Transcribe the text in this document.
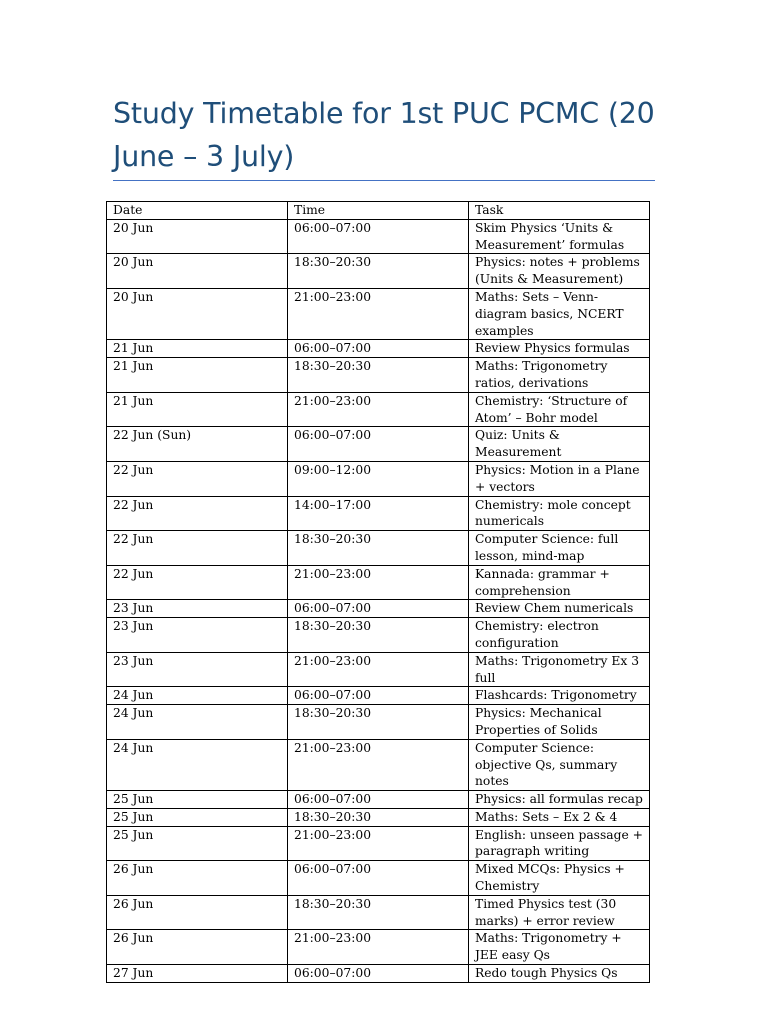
Study Timetable for 1st PUC PCMC (20 June – 3 July)
Date	Time	Task
20 Jun	06:00–07:00	Skim Physics ‘Units & Measurement’ formulas
20 Jun	18:30–20:30	Physics: notes + problems (Units & Measurement)
20 Jun	21:00–23:00	Maths: Sets – Venn-diagram basics, NCERT examples
21 Jun	06:00–07:00	Review Physics formulas
21 Jun	18:30–20:30	Maths: Trigonometry ratios, derivations
21 Jun	21:00–23:00	Chemistry: ‘Structure of Atom’ – Bohr model
22 Jun (Sun)	06:00–07:00	Quiz: Units & Measurement
22 Jun	09:00–12:00	Physics: Motion in a Plane + vectors
22 Jun	14:00–17:00	Chemistry: mole concept numericals
22 Jun	18:30–20:30	Computer Science: full lesson, mind-map
22 Jun	21:00–23:00	Kannada: grammar + comprehension
23 Jun	06:00–07:00	Review Chem numericals
23 Jun	18:30–20:30	Chemistry: electron configuration
23 Jun	21:00–23:00	Maths: Trigonometry Ex 3 full
24 Jun	06:00–07:00	Flashcards: Trigonometry
24 Jun	18:30–20:30	Physics: Mechanical Properties of Solids
24 Jun	21:00–23:00	Computer Science: objective Qs, summary notes
25 Jun	06:00–07:00	Physics: all formulas recap
25 Jun	18:30–20:30	Maths: Sets – Ex 2 & 4
25 Jun	21:00–23:00	English: unseen passage + paragraph writing
26 Jun	06:00–07:00	Mixed MCQs: Physics + Chemistry
26 Jun	18:30–20:30	Timed Physics test (30 marks) + error review
26 Jun	21:00–23:00	Maths: Trigonometry + JEE easy Qs
27 Jun	06:00–07:00	Redo tough Physics Qs
